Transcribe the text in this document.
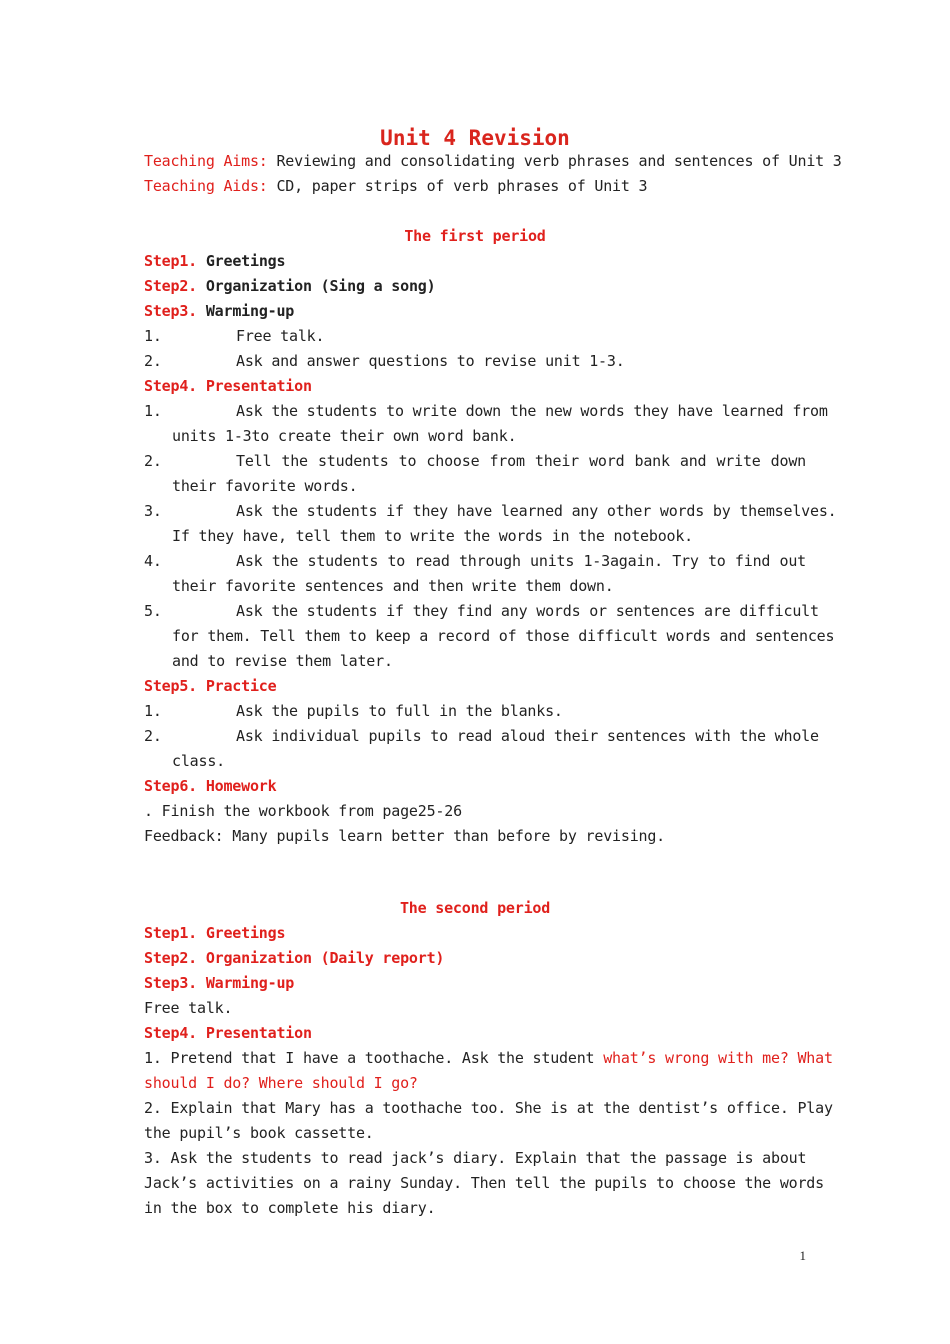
Unit 4 Revision
Teaching Aims: Reviewing and consolidating verb phrases and sentences of Unit 3
Teaching Aids: CD, paper strips of verb phrases of Unit 3
The first period
Step1. Greetings
Step2. Organization (Sing a song)
Step3. Warming-up
1.	Free talk.
2.	Ask and answer questions to revise unit 1-3.
Step4. Presentation
1.	Ask the students to write down the new words they have learned from
units 1-3to create their own word bank.
2.	Tell the students to choose from their word bank and write down
their favorite words.
3.	Ask the students if they have learned any other words by themselves.
If they have, tell them to write the words in the notebook.
4.	Ask the students to read through units 1-3again. Try to find out
their favorite sentences and then write them down.
5.	Ask the students if they find any words or sentences are difficult
for them. Tell them to keep a record of those difficult words and sentences
and to revise them later.
Step5. Practice
1.	Ask the pupils to full in the blanks.
2.	Ask individual pupils to read aloud their sentences with the whole
class.
Step6. Homework
. Finish the workbook from page25-26
Feedback: Many pupils learn better than before by revising.
The second period
Step1. Greetings
Step2. Organization (Daily report)
Step3. Warming-up
Free talk.
Step4. Presentation
1. Pretend that I have a toothache. Ask the student what’s wrong with me? What
should I do? Where should I go?
2. Explain that Mary has a toothache too. She is at the dentist’s office. Play
the pupil’s book cassette.
3. Ask the students to read jack’s diary. Explain that the passage is about
Jack’s activities on a rainy Sunday. Then tell the pupils to choose the words
in the box to complete his diary.
1
